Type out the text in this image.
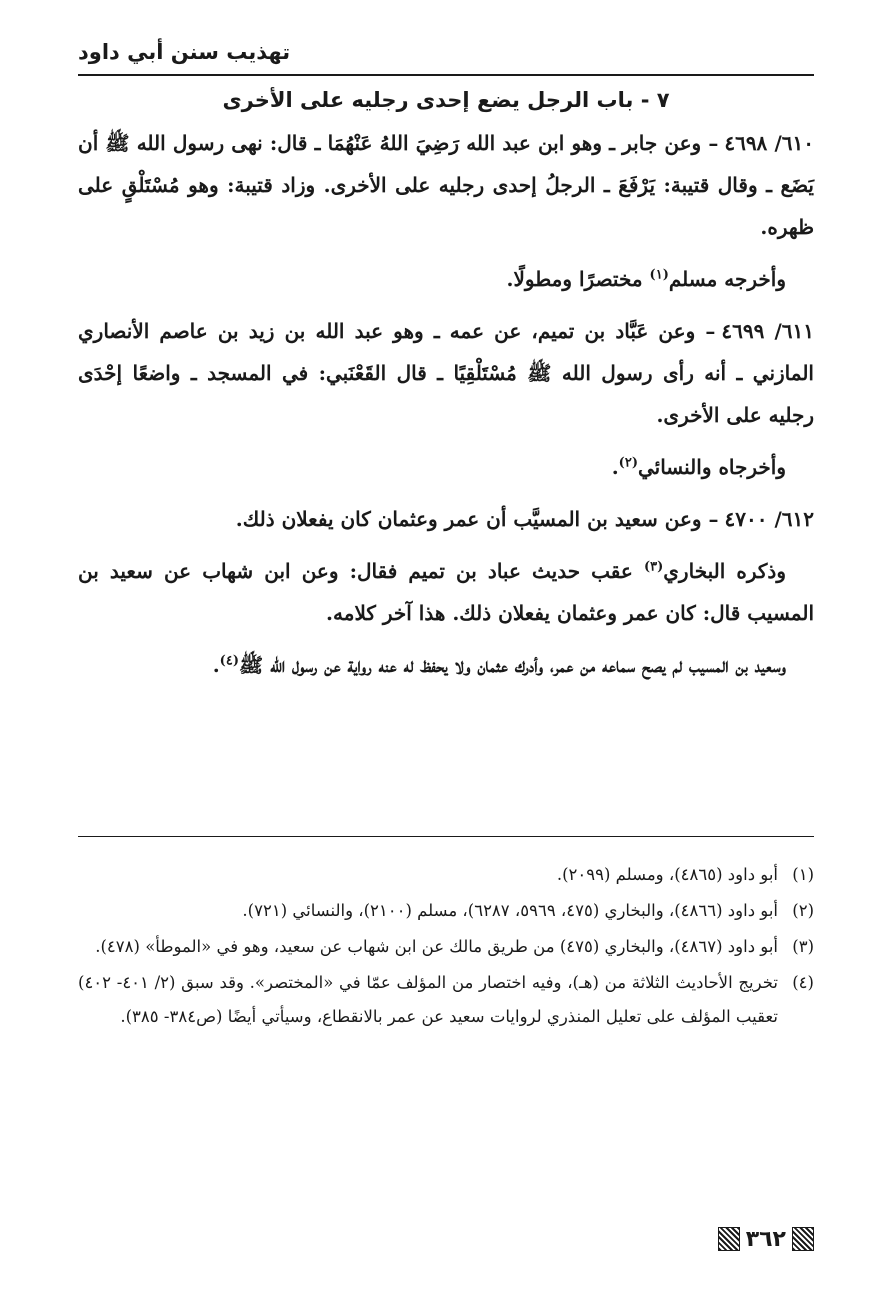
تهذيب سنن أبي داود
٧ - باب الرجل يضع إحدى رجليه على الأخرى

٦١٠/ ٤٦٩٨– وعن جابر ـ وهو ابن عبد الله رَضِيَ اللهُ عَنْهُمَا ـ قال: نهى رسول الله ﷺ أن يَضَع ـ وقال قتيبة: يَرْفَعَ ـ الرجلُ إحدى رجليه على الأخرى. وزاد قتيبة: وهو مُسْتَلْقٍ على ظهره.

وأخرجه مسلم$^{(١)}$ مختصرًا ومطولًا.

٦١١/ ٤٦٩٩– وعن عَبَّاد بن تميم، عن عمه ـ وهو عبد الله بن زيد بن عاصم الأنصاري المازني ـ أنه رأى رسول الله ﷺ مُسْتَلْقِيًا ـ قال القَعْنَبي: في المسجد ـ واضعًا إحْدَى رجليه على الأخرى.

وأخرجاه والنسائي$^{(٢)}$.

٦١٢/ ٤٧٠٠– وعن سعيد بن المسيَّب أن عمر وعثمان كان يفعلان ذلك.

وذكره البخاري$^{(٣)}$ عقب حديث عباد بن تميم فقال: وعن ابن شهاب عن سعيد بن المسيب قال: كان عمر وعثمان يفعلان ذلك. هذا آخر كلامه.

وسعيد بن المسيب لم يصح سماعه من عمر، وأدرك عثمان ولا يحفظ له عنه رواية عن رسول الله ﷺ$^{(٤)}$.

(١)أبو داود (٤٨٦٥)، ومسلم (٢٠٩٩).

(٢)أبو داود (٤٨٦٦)، والبخاري (٤٧٥، ٥٩٦٩، ٦٢٨٧)، مسلم (٢١٠٠)، والنسائي (٧٢١).

(٣)أبو داود (٤٨٦٧)، والبخاري (٤٧٥) من طريق مالك عن ابن شهاب عن سعيد، وهو في «الموطأ» (٤٧٨).

(٤)تخريج الأحاديث الثلاثة من (هـ)، وفيه اختصار من المؤلف عمّا في «المختصر». وقد سبق (٢/ ٤٠١- ٤٠٢) تعقيب المؤلف على تعليل المنذري لروايات سعيد عن عمر بالانقطاع، وسيأتي أيضًا (ص٣٨٤- ٣٨٥).

٣٦٢
